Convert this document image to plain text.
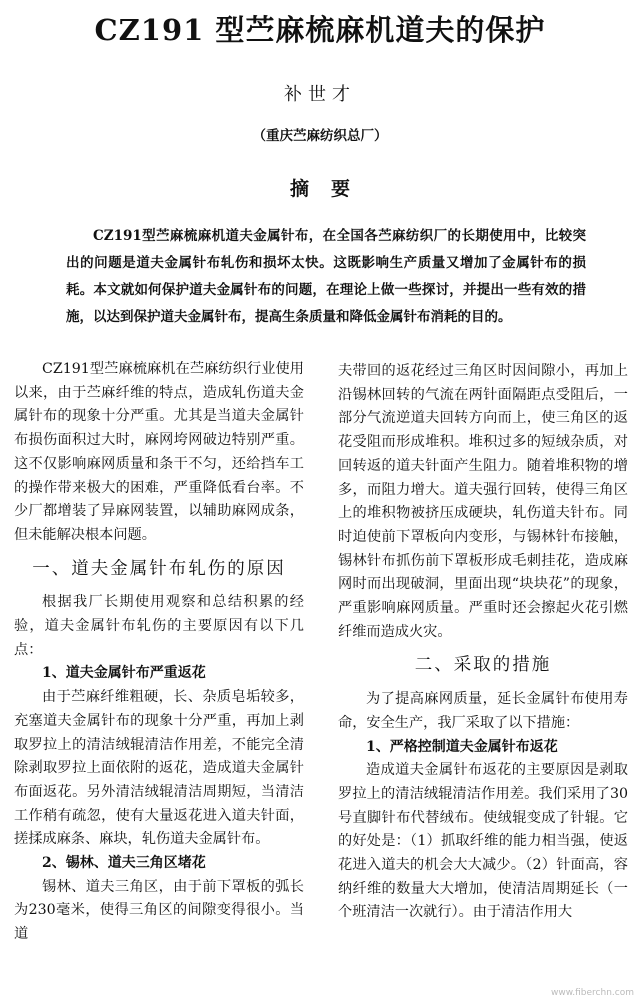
CZ191 型苎麻梳麻机道夫的保护
补世才
（重庆苎麻纺织总厂）
摘要

CZ191型苎麻梳麻机道夫金属针布，在全国各苎麻纺织厂的长期使用中，比较突出的问题是道夫金属针布轧伤和损坏太快。这既影响生产质量又增加了金属针布的损耗。本文就如何保护道夫金属针布的问题，在理论上做一些探讨，并提出一些有效的措施，以达到保护道夫金属针布，提高生条质量和降低金属针布消耗的目的。

CZ191型苎麻梳麻机在苎麻纺织行业使用以来，由于苎麻纤维的特点，造成轧伤道夫金属针布的现象十分严重。尤其是当道夫金属针布损伤面积过大时，麻网垮网破边特别严重。这不仅影响麻网质量和条干不匀，还给挡车工的操作带来极大的困难，严重降低看台率。不少厂都增装了异麻网装置，以辅助麻网成条，但未能解决根本问题。

一、道夫金属针布轧伤的原因

根据我厂长期使用观察和总结积累的经验，道夫金属针布轧伤的主要原因有以下几点：

1、道夫金属针布严重返花

由于苎麻纤维粗硬，长、杂质皂垢较多，充塞道夫金属针布的现象十分严重，再加上剥取罗拉上的清洁绒辊清洁作用差，不能完全清除剥取罗拉上面依附的返花，造成道夫金属针布面返花。另外清洁绒辊清洁周期短，当清洁工作稍有疏忽，使有大量返花进入道夫针面，搓揉成麻条、麻块，轧伤道夫金属针布。

2、锡林、道夫三角区堵花

锡林、道夫三角区，由于前下罩板的弧长为230毫米，使得三角区的间隙变得很小。当道

夫带回的返花经过三角区时因间隙小，再加上沿锡林回转的气流在两针面隔距点受阻后，一部分气流逆道夫回转方向而上，使三角区的返花受阻而形成堆积。堆积过多的短绒杂质，对回转返的道夫针面产生阻力。随着堆积物的增多，而阻力增大。道夫强行回转，使得三角区上的堆积物被挤压成硬块，轧伤道夫针布。同时迫使前下罩板向内变形，与锡林针布接触，锡林针布抓伤前下罩板形成毛刺挂花，造成麻网时而出现破洞，里面出现“块块花”的现象，严重影响麻网质量。严重时还会擦起火花引燃纤维而造成火灾。

二、采取的措施

为了提高麻网质量，延长金属针布使用寿命，安全生产，我厂采取了以下措施：

1、严格控制道夫金属针布返花

造成道夫金属针布返花的主要原因是剥取罗拉上的清洁绒辊清洁作用差。我们采用了30号直脚针布代替绒布。使绒辊变成了针辊。它的好处是：（1）抓取纤维的能力相当强，使返花进入道夫的机会大大减少。（2）针面高，容纳纤维的数量大大增加，使清洁周期延长（一个班清洁一次就行）。由于清洁作用大

www.fiberchn.com
